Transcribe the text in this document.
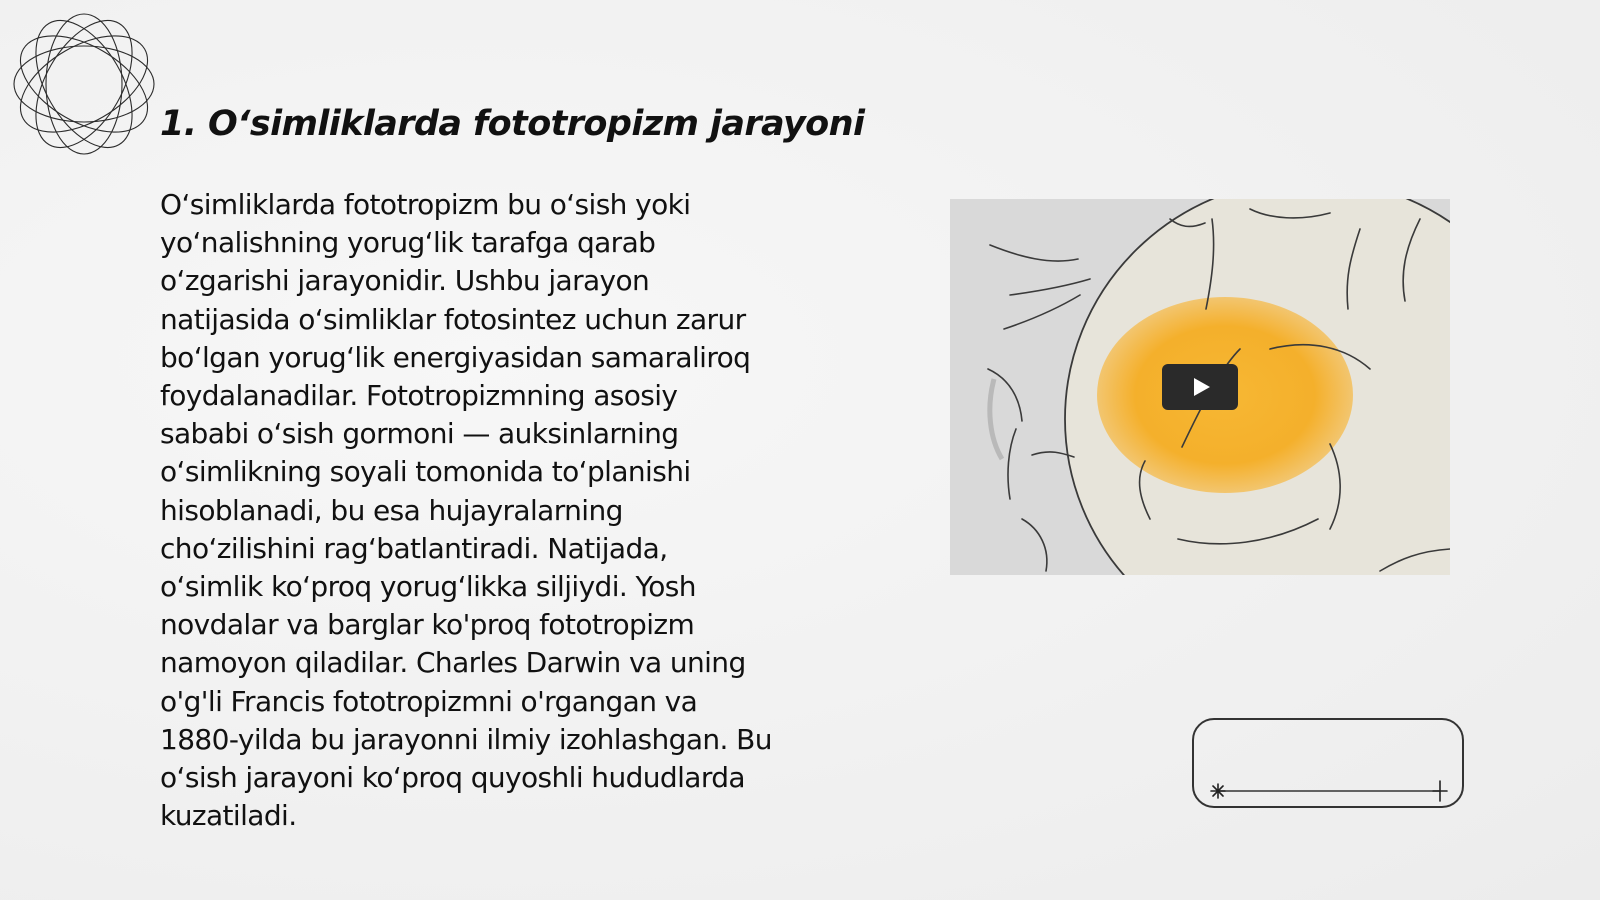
1. O‘simliklarda fototropizm jarayoni

O‘simliklarda fototropizm bu o‘sish yoki
yo‘nalishning yorug‘lik tarafga qarab
o‘zgarishi jarayonidir. Ushbu jarayon
natijasida o‘simliklar fotosintez uchun zarur
bo‘lgan yorug‘lik energiyasidan samaraliroq
foydalanadilar. Fototropizmning asosiy
sababi o‘sish gormoni — auksinlarning
o‘simlikning soyali tomonida to‘planishi
hisoblanadi, bu esa hujayralarning
cho‘zilishini rag‘batlantiradi. Natijada,
o‘simlik ko‘proq yorug‘likka siljiydi. Yosh
novdalar va barglar ko'proq fototropizm
namoyon qiladilar. Charles Darwin va uning
o'g'li Francis fototropizmni o'rgangan va
1880-yilda bu jarayonni ilmiy izohlashgan. Bu
o‘sish jarayoni ko‘proq quyoshli hududlarda
kuzatiladi.
